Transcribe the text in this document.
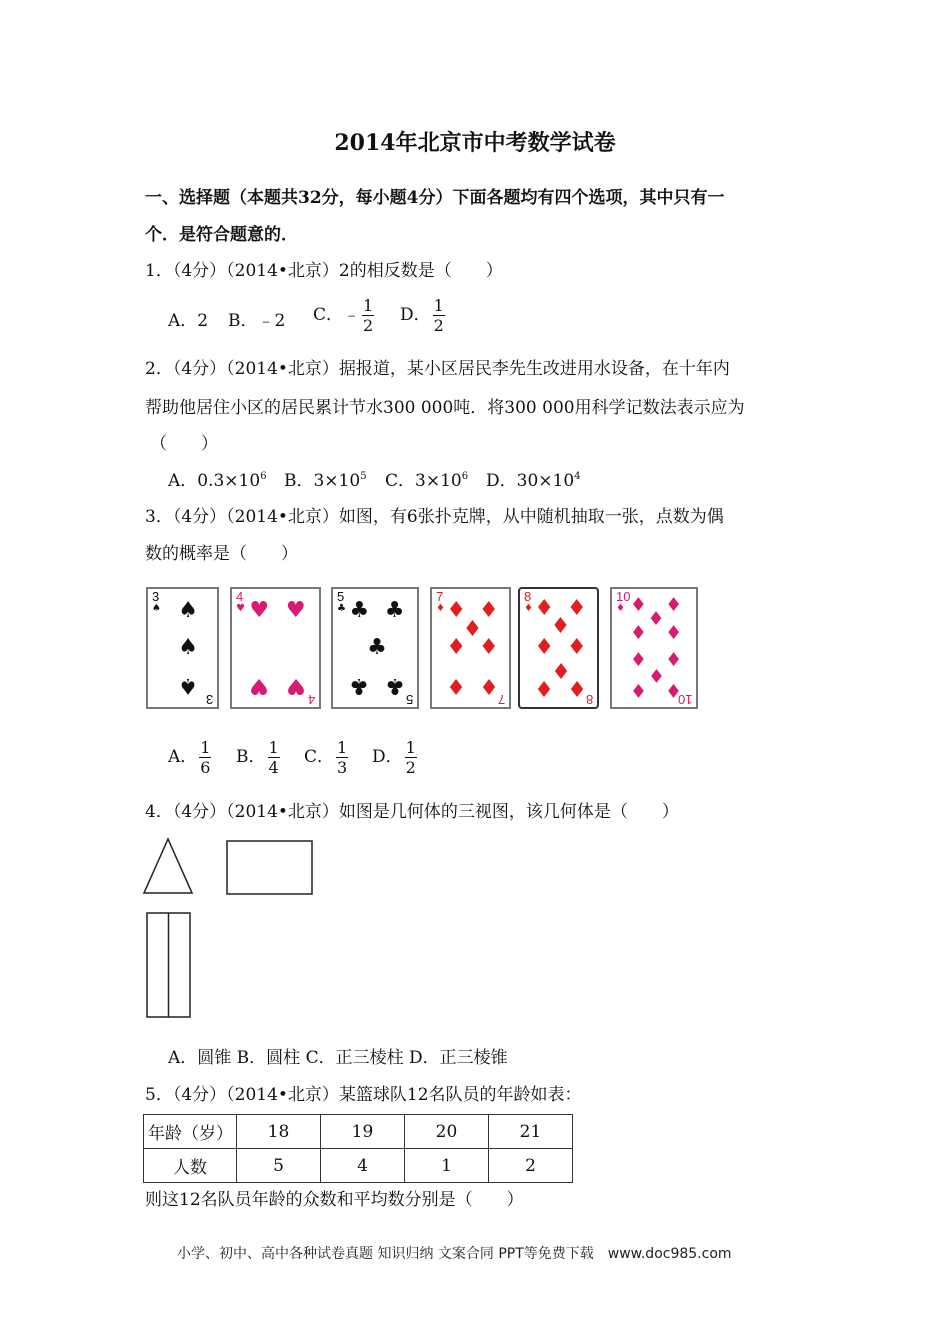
2014年北京市中考数学试卷
一、选择题（本题共32分，每小题4分）下面各题均有四个选项，其中只有一
个．是符合题意的．
1．（4分）（2014•北京）2的相反数是（　　）
A．2 B．﹣2 C．﹣ $\frac{1}{2}$ D． $\frac{1}{2}$
2．（4分）（2014•北京）据报道，某小区居民李先生改进用水设备，在十年内
帮助他居住小区的居民累计节水300 000吨．将300 000用科学记数法表示应为
（　　）
A．$0.3\times 10^6$ B．$3\times 10^5$ C．$3\times 10^6$ D．$30\times 10^4$
3．（4分）（2014•北京）如图，有6张扑克牌，从中随机抽取一张，点数为偶
数的概率是（　　）
3
♠
3
♠
♠
♠
4
♥
4
♥ ♥
♥ ♥
5
♣
5
♣ ♣
♣
♣ ♣
7
♦
7
♦ ♦
♦
♦ ♦
♦ ♦
8
♦
8
♦ ♦
♦
♦ ♦
♦
♦ ♦
10
♦
10
♦ ♦
♦
♦ ♦
♦ ♦
♦
♦ ♦
A． $\frac{1}{6}$ B． $\frac{1}{4}$ C． $\frac{1}{3}$ D． $\frac{1}{2}$
4．（4分）（2014•北京）如图是几何体的三视图，该几何体是（　　）
A．圆锥 B．圆柱 C．正三棱柱 D．正三棱锥
5．（4分）（2014•北京）某篮球队12名队员的年龄如表：
年龄（岁）	18	19	20	21
人数	5	4	1	2
则这12名队员年龄的众数和平均数分别是（　　）
小学、初中、高中各种试卷真题 知识归纳 文案合同 PPT等免费下载　www.doc985.com
